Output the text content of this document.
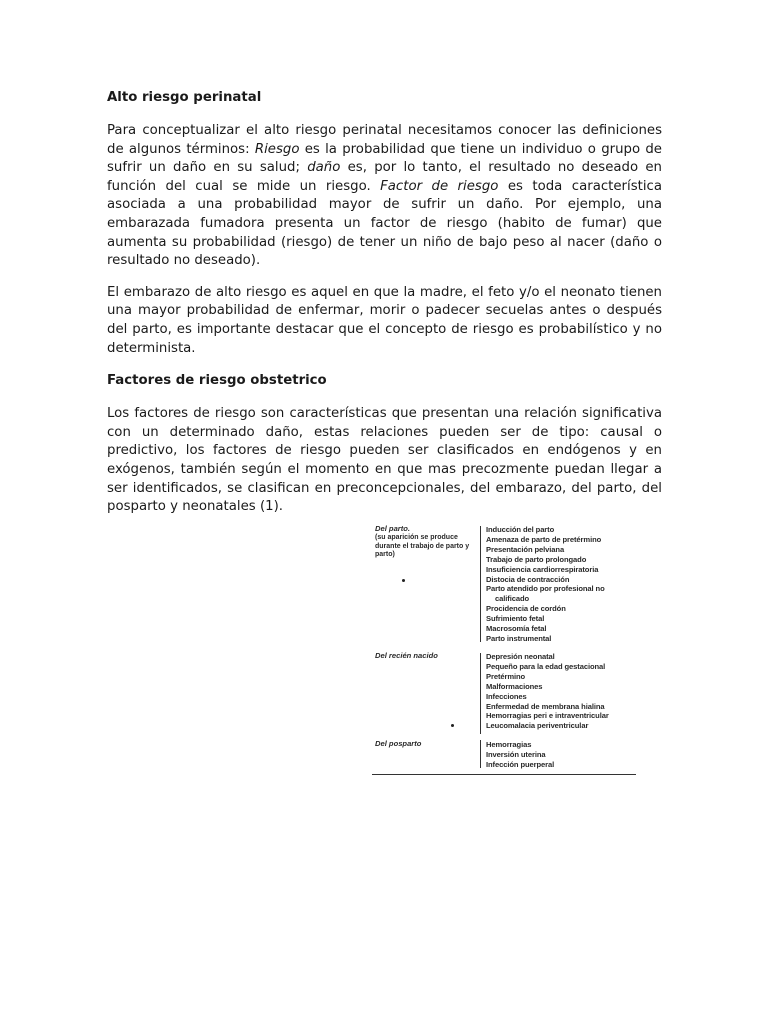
Alto riesgo perinatal

Para conceptualizar el alto riesgo perinatal necesitamos conocer las definiciones de algunos términos: Riesgo es la probabilidad que tiene un individuo o grupo de sufrir un daño en su salud; daño es, por lo tanto, el resultado no deseado en función del cual se mide un riesgo. Factor de riesgo es toda característica asociada a una probabilidad mayor de sufrir un daño. Por ejemplo, una embarazada fumadora presenta un factor de riesgo (habito de fumar) que aumenta su probabilidad (riesgo) de tener un niño de bajo peso al nacer (daño o resultado no deseado).

El embarazo de alto riesgo es aquel en que la madre, el feto y/o el neonato tienen una mayor probabilidad de enfermar, morir o padecer secuelas antes o después del parto, es importante destacar que el concepto de riesgo es probabilístico y no determinista.

Factores de riesgo obstetrico

Los factores de riesgo son características que presentan una relación significativa con un determinado daño, estas relaciones pueden ser de tipo: causal o predictivo, los factores de riesgo pueden ser clasificados en endógenos y en exógenos, también según el momento en que mas precozmente puedan llegar a ser identificados, se clasifican en preconcepcionales, del embarazo, del parto, del posparto y neonatales (1).

Del parto.
(su aparición se produce durante el trabajo de parto y parto)
Inducción del parto
Amenaza de parto de pretérmino
Presentación pelviana
Trabajo de parto prolongado
Insuficiencia cardiorrespiratoria
Distocia de contracción
Parto atendido por profesional no
calificado
Procidencia de cordón
Sufrimiento fetal
Macrosomía fetal
Parto instrumental
Del recién nacido	Depresión neonatal
Pequeño para la edad gestacional
Pretérmino
Malformaciones
Infecciones
Enfermedad de membrana hialina
Hemorragias peri e intraventricular
Leucomalacia periventricular
Del posparto	Hemorragias
Inversión uterina
Infección puerperal
